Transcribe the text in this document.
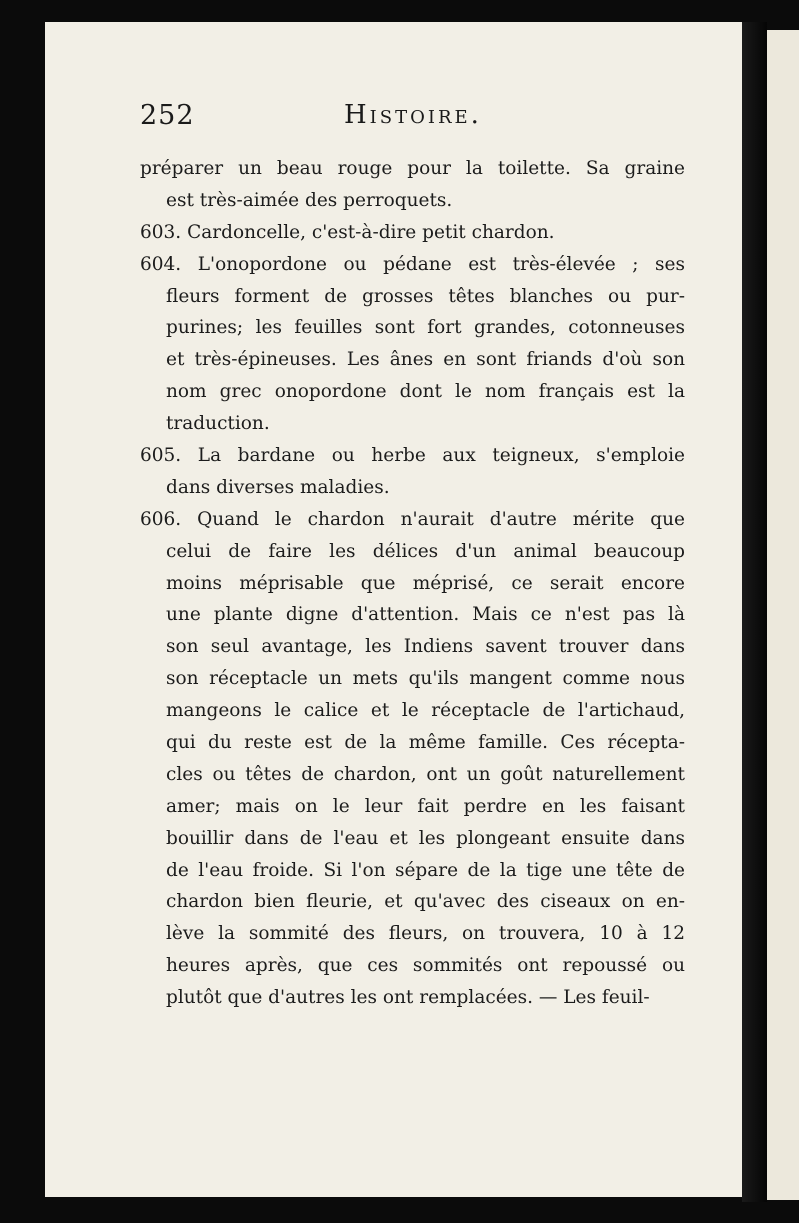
252	Histoire.
préparer un beau rouge pour la toilette. Sa graine
est très-aimée des perroquets.
603. Cardoncelle, c'est-à-dire petit chardon.
604. L'onopordone ou pédane est très-élevée ; ses
fleurs forment de grosses têtes blanches ou pur-
purines; les feuilles sont fort grandes, cotonneuses
et très-épineuses. Les ânes en sont friands d'où son
nom grec onopordone dont le nom français est la
traduction.
605. La bardane ou herbe aux teigneux, s'emploie
dans diverses maladies.
606. Quand le chardon n'aurait d'autre mérite que
celui de faire les délices d'un animal beaucoup
moins méprisable que méprisé, ce serait encore
une plante digne d'attention. Mais ce n'est pas là
son seul avantage, les Indiens savent trouver dans
son réceptacle un mets qu'ils mangent comme nous
mangeons le calice et le réceptacle de l'artichaud,
qui du reste est de la même famille. Ces récepta-
cles ou têtes de chardon, ont un goût naturellement
amer; mais on le leur fait perdre en les faisant
bouillir dans de l'eau et les plongeant ensuite dans
de l'eau froide. Si l'on sépare de la tige une tête de
chardon bien fleurie, et qu'avec des ciseaux on en-
lève la sommité des fleurs, on trouvera, 10 à 12
heures après, que ces sommités ont repoussé ou
plutôt que d'autres les ont remplacées. — Les feuil-
